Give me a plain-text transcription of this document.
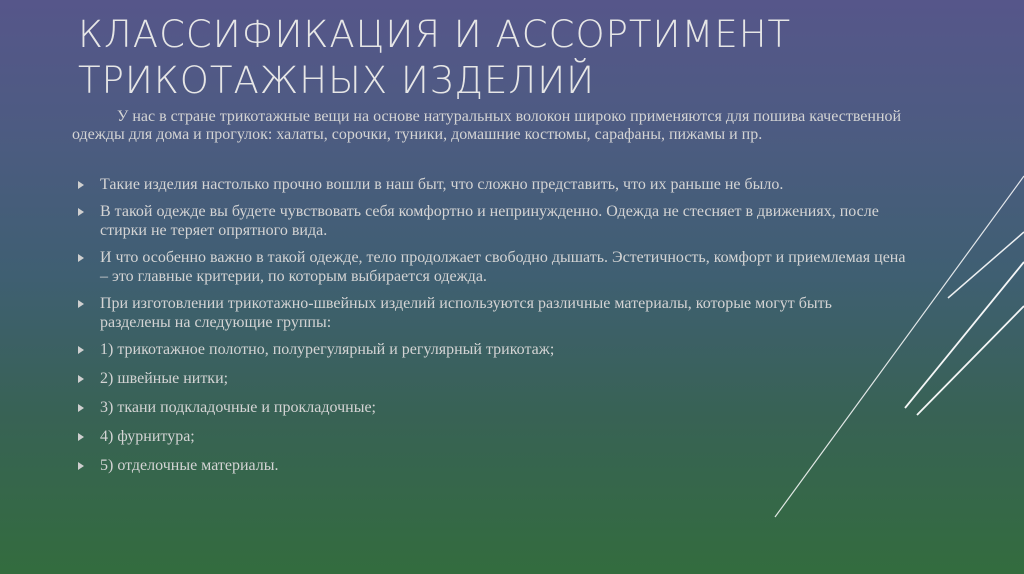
КЛАССИФИКАЦИЯ И АССОРТИМЕНТ
ТРИКОТАЖНЫХ ИЗДЕЛИЙ

У нас в стране трикотажные вещи на основе натуральных волокон широко применяются для пошива качественной одежды для дома и прогулок: халаты, сорочки, туники, домашние костюмы, сарафаны, пижамы и пр.

Такие изделия настолько прочно вошли в наш быт, что сложно представить, что их раньше не было.
В такой одежде вы будете чувствовать себя комфортно и непринужденно. Одежда не стесняет в движениях, после стирки не теряет опрятного вида.
И что особенно важно в такой одежде, тело продолжает свободно дышать. Эстетичность, комфорт и приемлемая цена – это главные критерии, по которым выбирается одежда.
При изготовлении трикотажно-швейных изделий используются различные материалы, которые могут быть разделены на следующие группы:
1) трикотажное полотно, полурегулярный и регулярный трикотаж;
2) швейные нитки;
3) ткани подкладочные и прокладочные;
4) фурнитура;
5) отделочные материалы.
